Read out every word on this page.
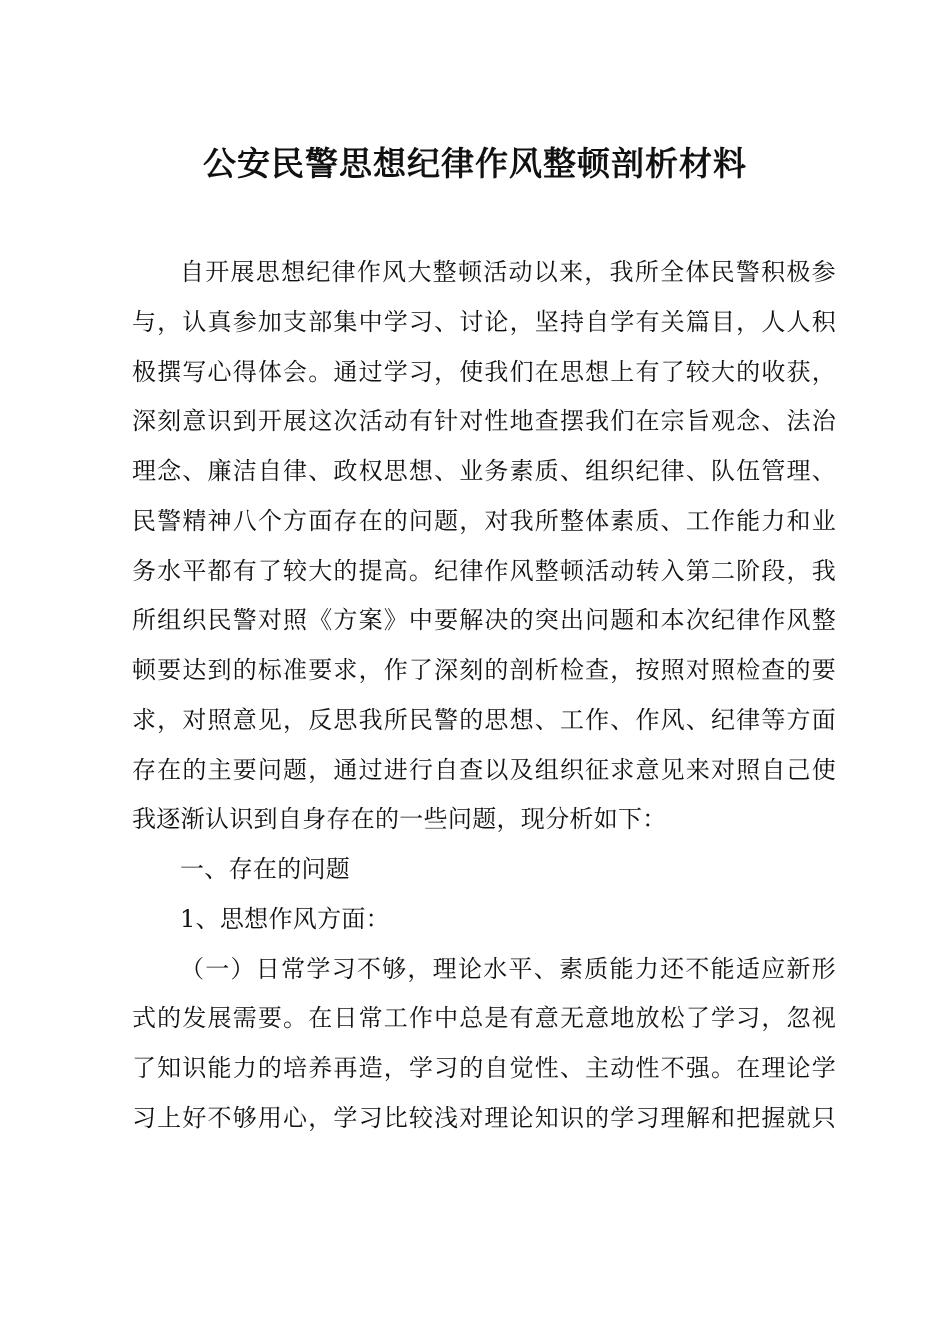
公安民警思想纪律作风整顿剖析材料
自开展思想纪律作风大整顿活动以来，我所全体民警积极参
与，认真参加支部集中学习、讨论，坚持自学有关篇目，人人积
极撰写心得体会。通过学习，使我们在思想上有了较大的收获，
深刻意识到开展这次活动有针对性地查摆我们在宗旨观念、法治
理念、廉洁自律、政权思想、业务素质、组织纪律、队伍管理、
民警精神八个方面存在的问题，对我所整体素质、工作能力和业
务水平都有了较大的提高。纪律作风整顿活动转入第二阶段，我
所组织民警对照《方案》中要解决的突出问题和本次纪律作风整
顿要达到的标准要求，作了深刻的剖析检查，按照对照检查的要
求，对照意见，反思我所民警的思想、工作、作风、纪律等方面
存在的主要问题，通过进行自查以及组织征求意见来对照自己使
我逐渐认识到自身存在的一些问题，现分析如下：
一、存在的问题
1、思想作风方面：
（一）日常学习不够，理论水平、素质能力还不能适应新形
式的发展需要。在日常工作中总是有意无意地放松了学习，忽视
了知识能力的培养再造，学习的自觉性、主动性不强。在理论学
习上好不够用心，学习比较浅对理论知识的学习理解和把握就只
